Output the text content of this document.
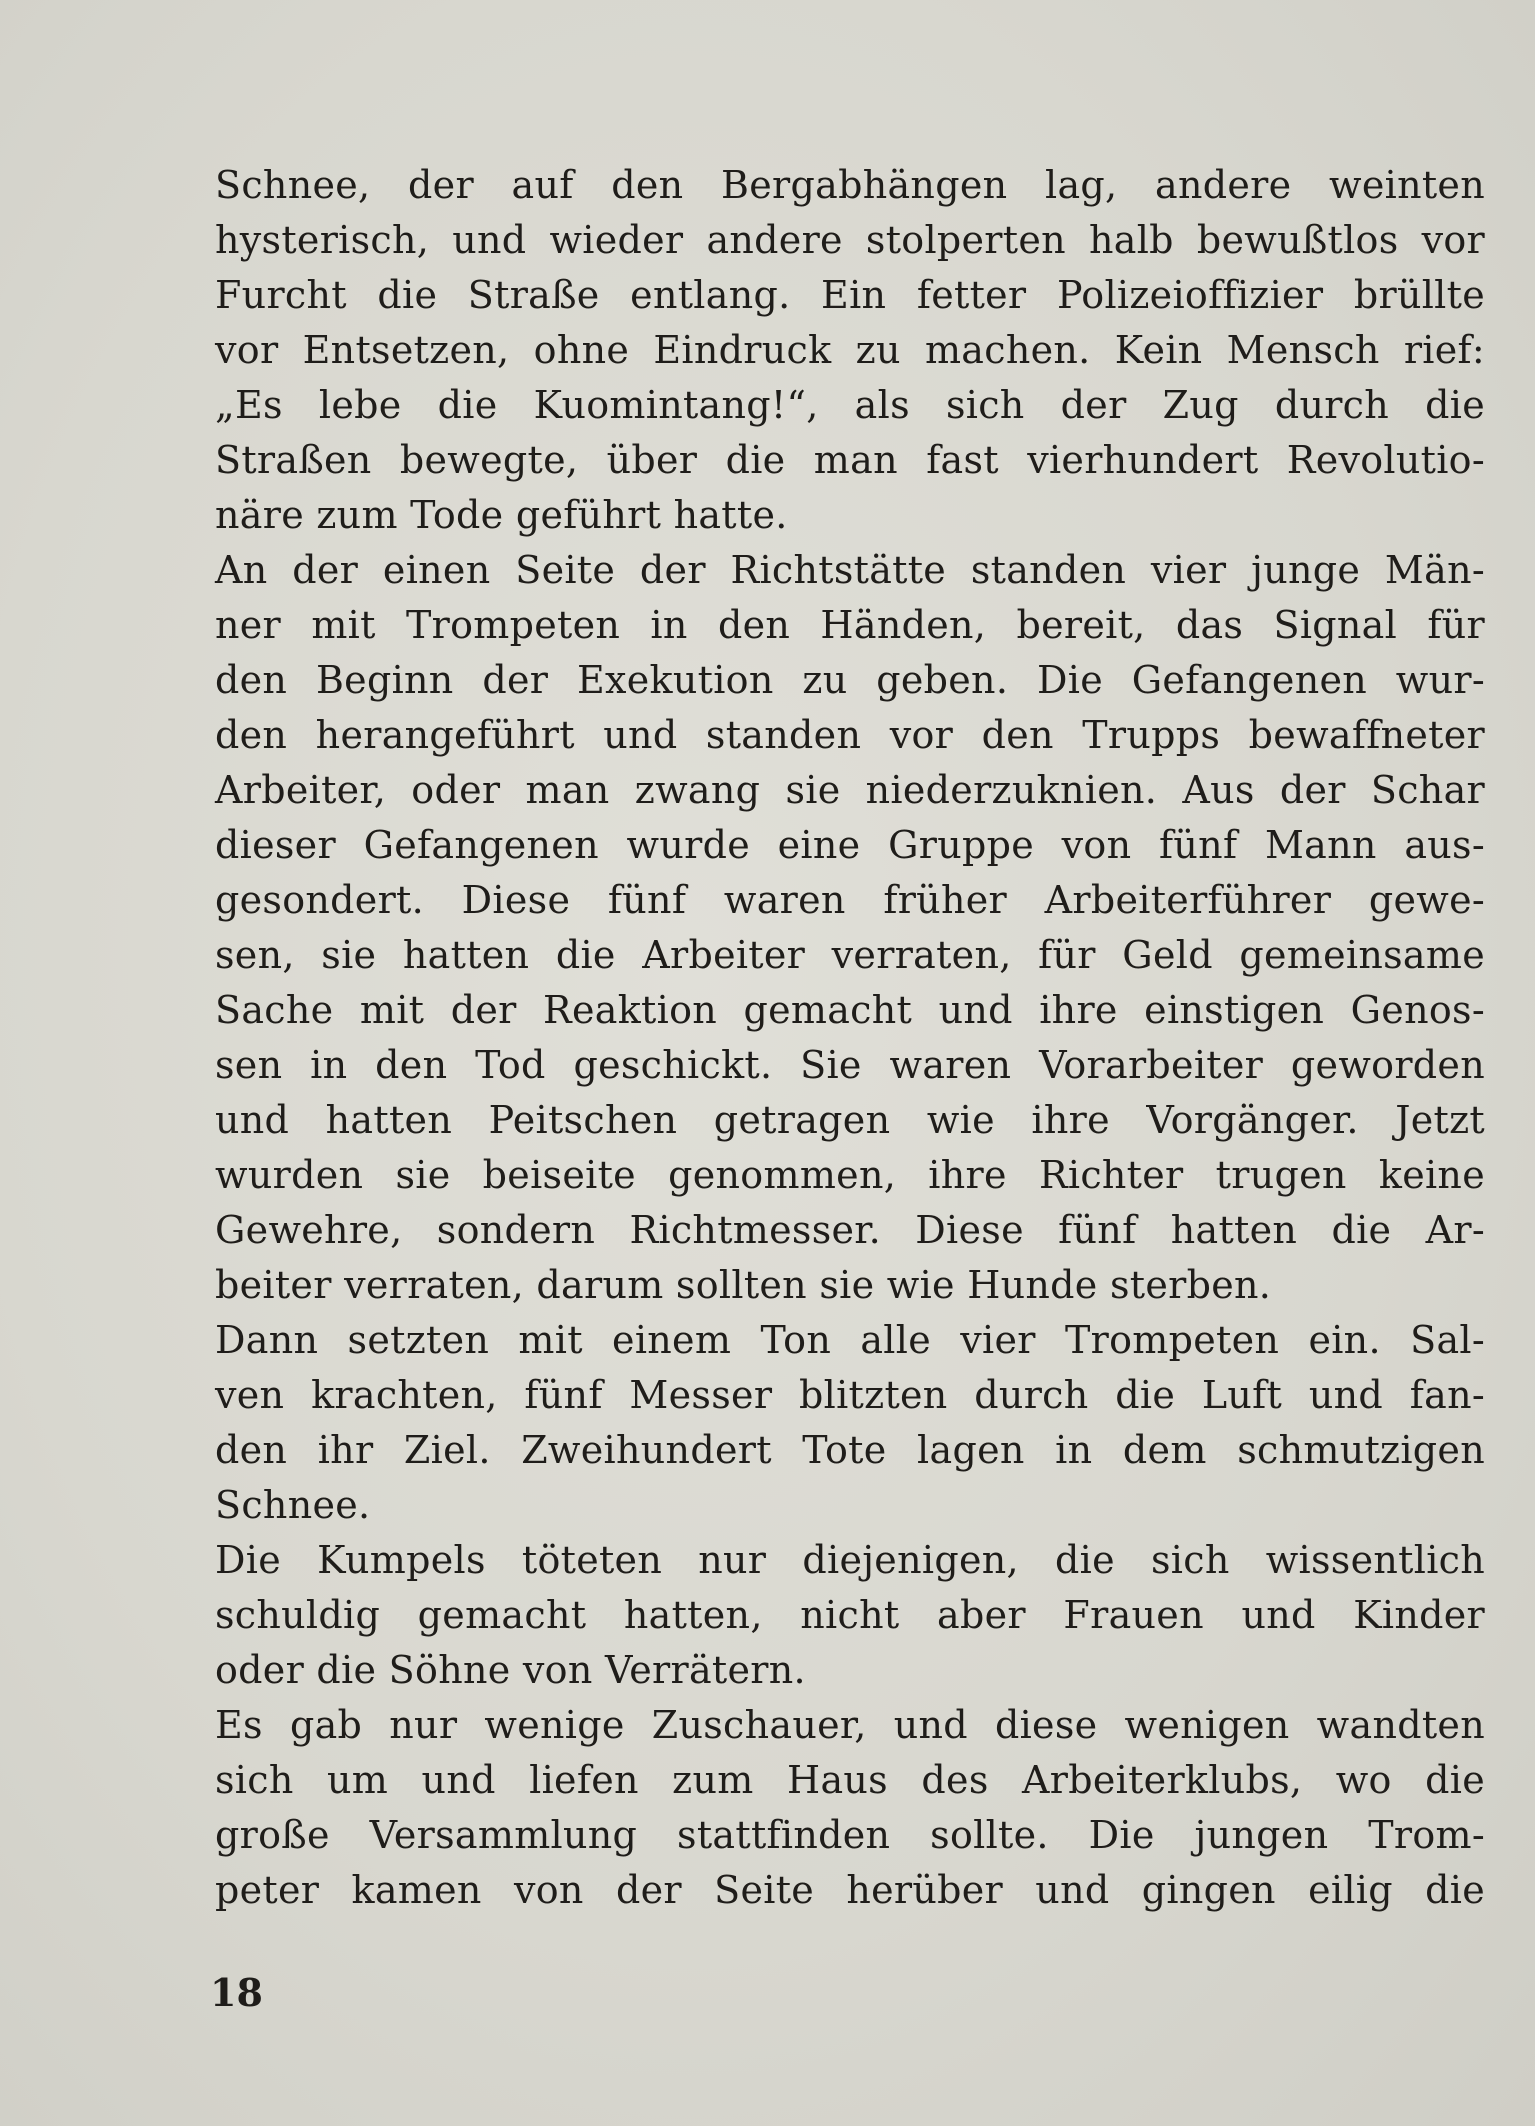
Schnee, der auf den Bergabhängen lag, andere weinten
hysterisch, und wieder andere stolperten halb bewußtlos vor
Furcht die Straße entlang. Ein fetter Polizeioffizier brüllte
vor Entsetzen, ohne Eindruck zu machen. Kein Mensch rief:
„Es lebe die Kuomintang!“, als sich der Zug durch die
Straßen bewegte, über die man fast vierhundert Revolutio-
näre zum Tode geführt hatte.
An der einen Seite der Richtstätte standen vier junge Män-
ner mit Trompeten in den Händen, bereit, das Signal für
den Beginn der Exekution zu geben. Die Gefangenen wur-
den herangeführt und standen vor den Trupps bewaffneter
Arbeiter, oder man zwang sie niederzuknien. Aus der Schar
dieser Gefangenen wurde eine Gruppe von fünf Mann aus-
gesondert. Diese fünf waren früher Arbeiterführer gewe-
sen, sie hatten die Arbeiter verraten, für Geld gemeinsame
Sache mit der Reaktion gemacht und ihre einstigen Genos-
sen in den Tod geschickt. Sie waren Vorarbeiter geworden
und hatten Peitschen getragen wie ihre Vorgänger. Jetzt
wurden sie beiseite genommen, ihre Richter trugen keine
Gewehre, sondern Richtmesser. Diese fünf hatten die Ar-
beiter verraten, darum sollten sie wie Hunde sterben.
Dann setzten mit einem Ton alle vier Trompeten ein. Sal-
ven krachten, fünf Messer blitzten durch die Luft und fan-
den ihr Ziel. Zweihundert Tote lagen in dem schmutzigen
Schnee.
Die Kumpels töteten nur diejenigen, die sich wissentlich
schuldig gemacht hatten, nicht aber Frauen und Kinder
oder die Söhne von Verrätern.
Es gab nur wenige Zuschauer, und diese wenigen wandten
sich um und liefen zum Haus des Arbeiterklubs, wo die
große Versammlung stattfinden sollte. Die jungen Trom-
peter kamen von der Seite herüber und gingen eilig die
18
